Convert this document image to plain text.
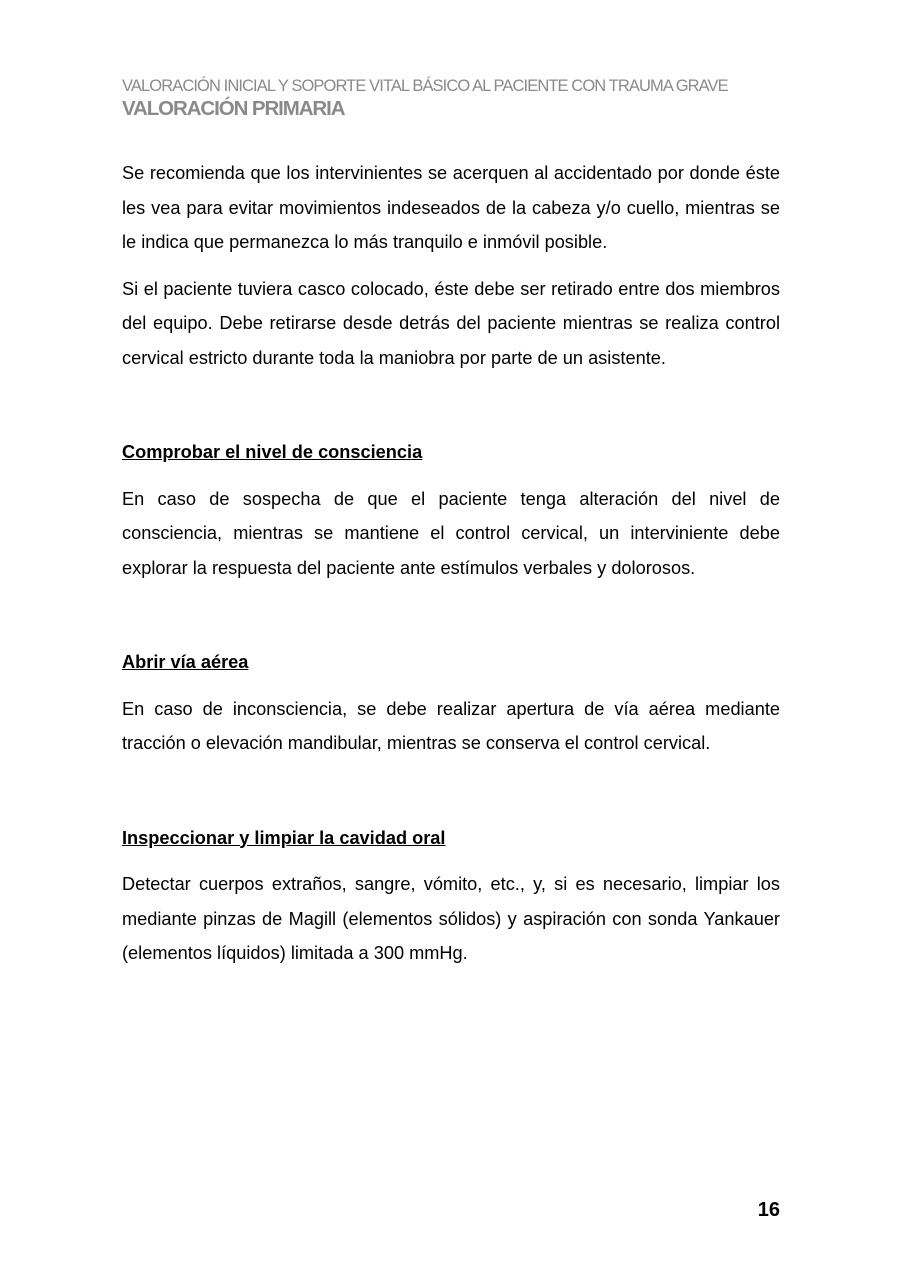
VALORACIÓN INICIAL Y SOPORTE VITAL BÁSICO AL PACIENTE CON TRAUMA GRAVE
VALORACIÓN PRIMARIA

Se recomienda que los intervinientes se acerquen al accidentado por donde éste les vea para evitar movimientos indeseados de la cabeza y/o cuello, mientras se le indica que permanezca lo más tranquilo e inmóvil posible.

Si el paciente tuviera casco colocado, éste debe ser retirado entre dos miembros del equipo. Debe retirarse desde detrás del paciente mientras se realiza control cervical estricto durante toda la maniobra por parte de un asistente.

Comprobar el nivel de consciencia

En caso de sospecha de que el paciente tenga alteración del nivel de consciencia, mientras se mantiene el control cervical, un interviniente debe explorar la respuesta del paciente ante estímulos verbales y dolorosos.

Abrir vía aérea

En caso de inconsciencia, se debe realizar apertura de vía aérea mediante tracción o elevación mandibular, mientras se conserva el control cervical.

Inspeccionar y limpiar la cavidad oral

Detectar cuerpos extraños, sangre, vómito, etc., y, si es necesario, limpiar los mediante pinzas de Magill (elementos sólidos) y aspiración con sonda Yankauer (elementos líquidos) limitada a 300 mmHg.

16
